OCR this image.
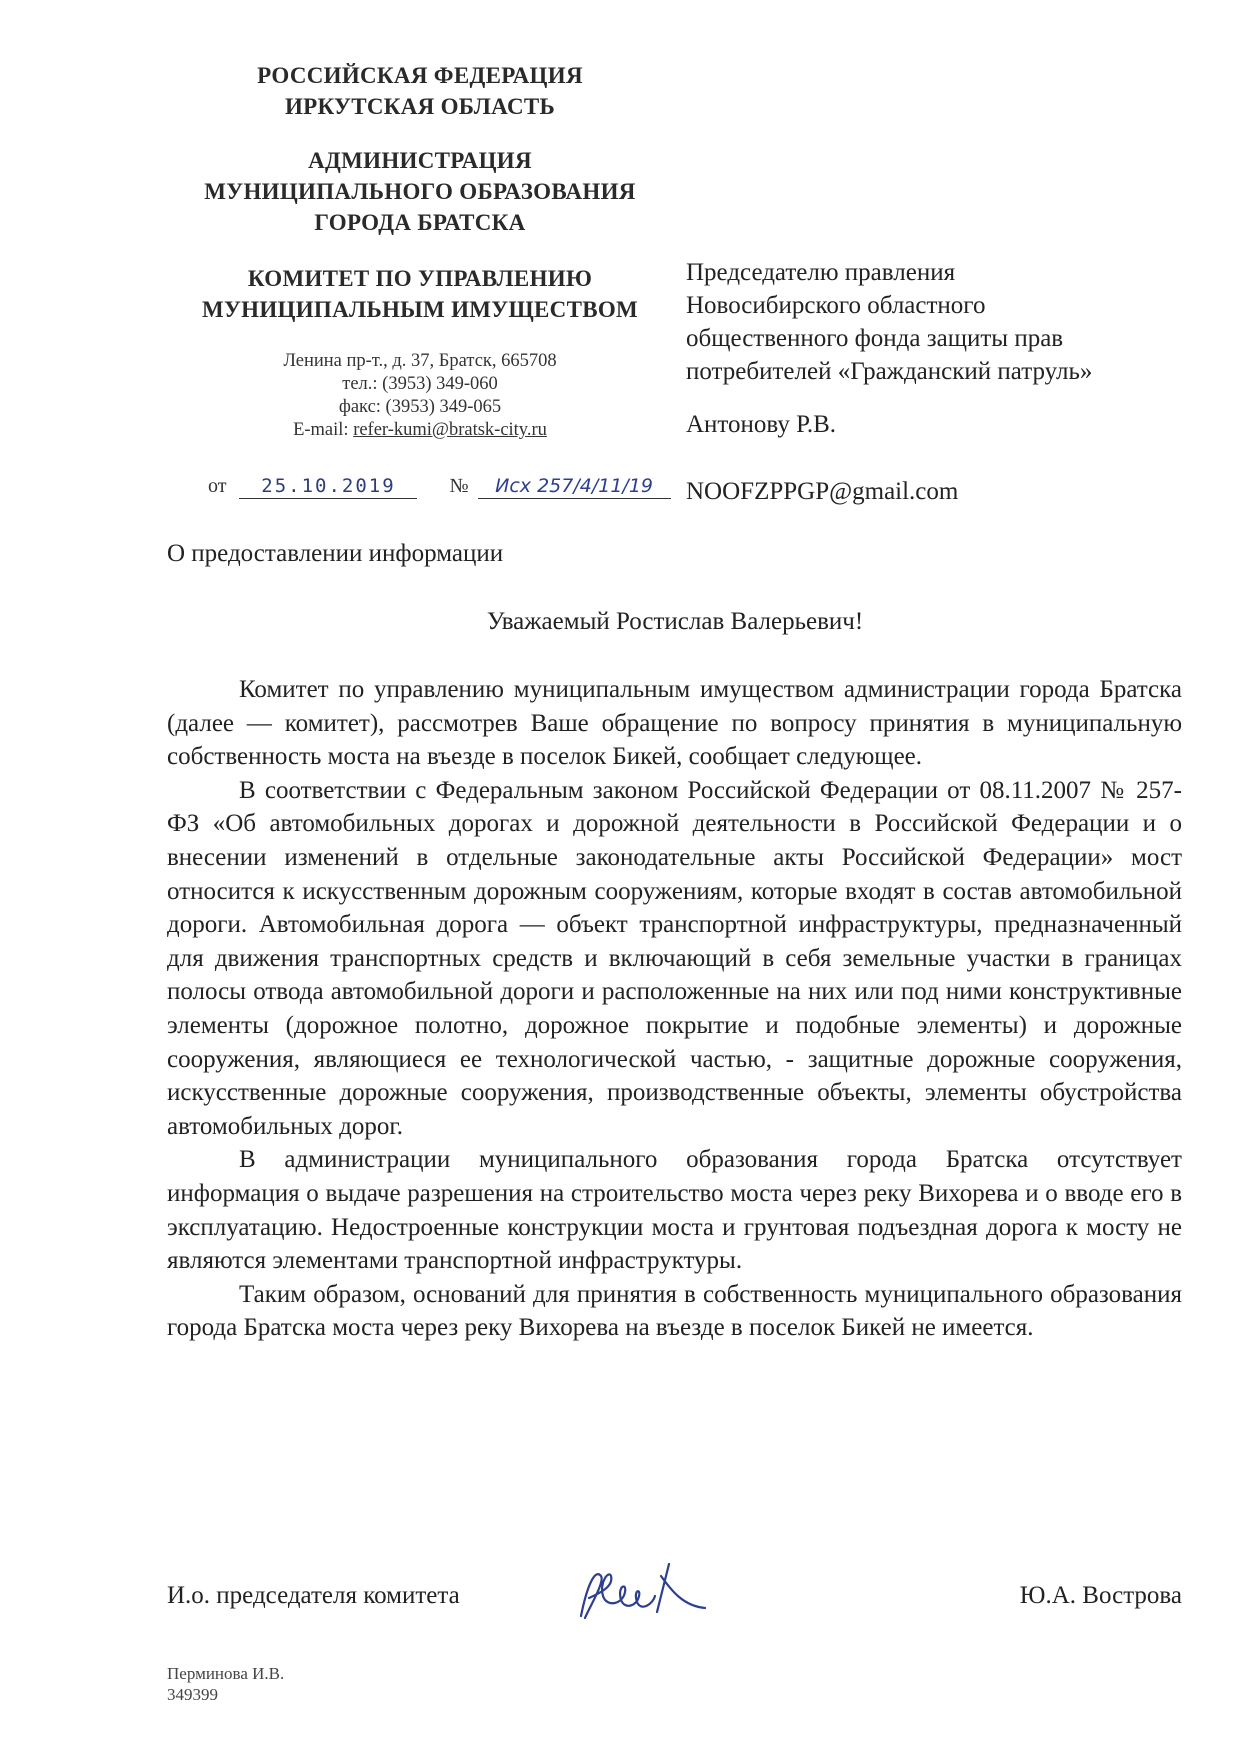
РОССИЙСКАЯ ФЕДЕРАЦИЯ
ИРКУТСКАЯ ОБЛАСТЬ
АДМИНИСТРАЦИЯ
МУНИЦИПАЛЬНОГО ОБРАЗОВАНИЯ
ГОРОДА БРАТСКА
КОМИТЕТ ПО УПРАВЛЕНИЮ
МУНИЦИПАЛЬНЫМ ИМУЩЕСТВОМ
Ленина пр-т., д. 37, Братск, 665708
тел.: (3953) 349-060
факс: (3953) 349-065
E-mail: refer-kumi@bratsk-city.ru
от 25.10.2019	№ Исх 257/4/11/19
Председателю правления
Новосибирского областного
общественного фонда защиты прав
потребителей «Гражданский патруль»
Антонову Р.В.
NOOFZPPGP@gmail.com
О предоставлении информации
Уважаемый Ростислав Валерьевич!

Комитет по управлению муниципальным имуществом администрации города Братска (далее — комитет), рассмотрев Ваше обращение по вопросу принятия в муниципальную собственность моста на въезде в поселок Бикей, сообщает следующее.

В соответствии с Федеральным законом Российской Федерации от 08.11.2007 № 257-ФЗ «Об автомобильных дорогах и дорожной деятельности в Российской Федерации и о внесении изменений в отдельные законодательные акты Российской Федерации» мост относится к искусственным дорожным сооружениям, которые входят в состав автомобильной дороги. Автомобильная дорога — объект транспортной инфраструктуры, предназначенный для движения транспортных средств и включающий в себя земельные участки в границах полосы отвода автомобильной дороги и расположенные на них или под ними конструктивные элементы (дорожное полотно, дорожное покрытие и подобные элементы) и дорожные сооружения, являющиеся ее технологической частью, - защитные дорожные сооружения, искусственные дорожные сооружения, производственные объекты, элементы обустройства автомобильных дорог.

В администрации муниципального образования города Братска отсутствует информация о выдаче разрешения на строительство моста через реку Вихорева и о вводе его в эксплуатацию. Недостроенные конструкции моста и грунтовая подъездная дорога к мосту не являются элементами транспортной инфраструктуры.

Таким образом, оснований для принятия в собственность муниципального образования города Братска моста через реку Вихорева на въезде в поселок Бикей не имеется.

И.о. председателя комитета	Ю.А. Вострова
Перминова И.В.
349399
